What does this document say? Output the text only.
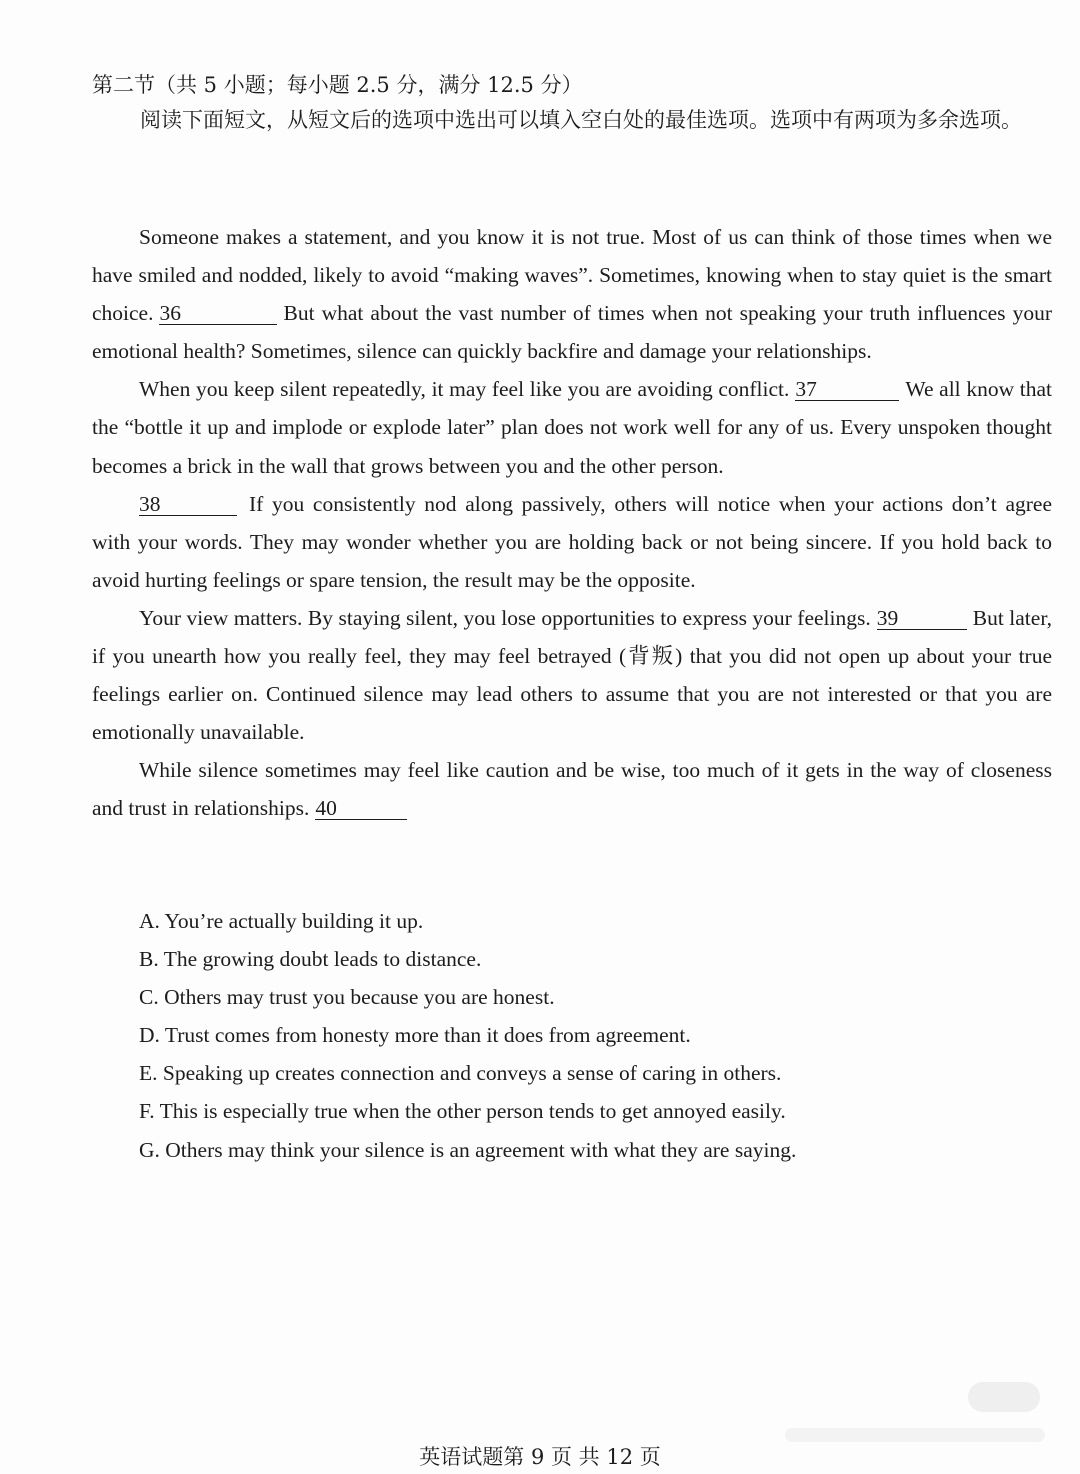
第二节（共 5 小题；每小题 2.5 分，满分 12.5 分）
阅读下面短文，从短文后的选项中选出可以填入空白处的最佳选项。选项中有两项为多余选项。

Someone makes a statement, and you know it is not true. Most of us can think of those times when we have smiled and nodded, likely to avoid “making waves”. Sometimes, knowing when to stay quiet is the smart choice. 36	But what about the vast number of times when not speaking your truth influences your emotional health? Sometimes, silence can quickly backfire and damage your relationships.

When you keep silent repeatedly, it may feel like you are avoiding conflict. 37	We all know that the “bottle it up and implode or explode later” plan does not work well for any of us. Every unspoken thought becomes a brick in the wall that grows between you and the other person.

38	If you consistently nod along passively, others will notice when your actions don’t agree with your words. They may wonder whether you are holding back or not being sincere. If you hold back to avoid hurting feelings or spare tension, the result may be the opposite.

Your view matters. By staying silent, you lose opportunities to express your feelings. 39	But later, if you unearth how you really feel, they may feel betrayed (背叛) that you did not open up about your true feelings earlier on. Continued silence may lead others to assume that you are not interested or that you are emotionally unavailable.

While silence sometimes may feel like caution and be wise, too much of it gets in the way of closeness and trust in relationships. 40

A. You’re actually building it up.
B. The growing doubt leads to distance.
C. Others may trust you because you are honest.
D. Trust comes from honesty more than it does from agreement.
E. Speaking up creates connection and conveys a sense of caring in others.
F. This is especially true when the other person tends to get annoyed easily.
G. Others may think your silence is an agreement with what they are saying.
英语试题第 9 页 共 12 页
